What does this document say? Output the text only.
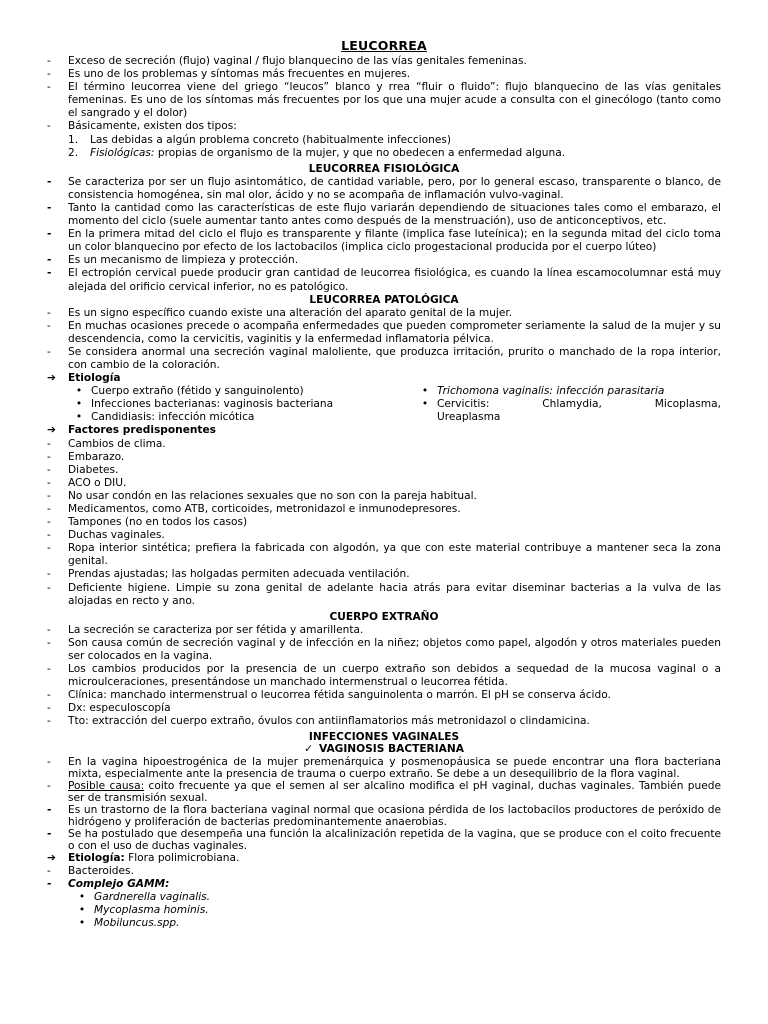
LEUCORREA
-	Exceso de secreción (flujo) vaginal / flujo blanquecino de las vías genitales femeninas.
-	Es uno de los problemas y síntomas más frecuentes en mujeres.
-	El término leucorrea viene del griego “leucos” blanco y rrea “fluir o fluido”: flujo blanquecino de las vías genitales femeninas. Es uno de los síntomas más frecuentes por los que una mujer acude a consulta con el ginecólogo (tanto como el sangrado y el dolor)
-	Básicamente, existen dos tipos:
1.	Las debidas a algún problema concreto (habitualmente infecciones)
2.	Fisiológicas: propias de organismo de la mujer, y que no obedecen a enfermedad alguna.
LEUCORREA FISIOLÓGICA
-	Se caracteriza por ser un flujo asintomático, de cantidad variable, pero, por lo general escaso, transparente o blanco, de consistencia homogénea, sin mal olor, ácido y no se acompaña de inflamación vulvo-vaginal.
-	Tanto la cantidad como las características de este flujo variarán dependiendo de situaciones tales como el embarazo, el momento del ciclo (suele aumentar tanto antes como después de la menstruación), uso de anticonceptivos, etc.
-	En la primera mitad del ciclo el flujo es transparente y filante (implica fase luteínica); en la segunda mitad del ciclo toma un color blanquecino por efecto de los lactobacilos (implica ciclo progestacional producida por el cuerpo lúteo)
-	Es un mecanismo de limpieza y protección.
-	El ectropión cervical puede producir gran cantidad de leucorrea fisiológica, es cuando la línea escamocolumnar está muy alejada del orificio cervical inferior, no es patológico.
LEUCORREA PATOLÓGICA
-	Es un signo específico cuando existe una alteración del aparato genital de la mujer.
-	En muchas ocasiones precede o acompaña enfermedades que pueden comprometer seriamente la salud de la mujer y su descendencia, como la cervicitis, vaginitis y la enfermedad inflamatoria pélvica.
-	Se considera anormal una secreción vaginal maloliente, que produzca irritación, prurito o manchado de la ropa interior, con cambio de la coloración.
➔	Etiología
• Cuerpo extraño (fétido y sanguinolento)
• Infecciones bacterianas: vaginosis bacteriana
• Candidiasis: infección micótica
• Trichomona vaginalis: infección parasitaria
• Cervicitis: Chlamydia, Micoplasma, Ureaplasma
➔	Factores predisponentes
-	Cambios de clima.
-	Embarazo.
-	Diabetes.
-	ACO o DIU.
-	No usar condón en las relaciones sexuales que no son con la pareja habitual.
-	Medicamentos, como ATB, corticoides, metronidazol e inmunodepresores.
-	Tampones (no en todos los casos)
-	Duchas vaginales.
-	Ropa interior sintética; prefiera la fabricada con algodón, ya que con este material contribuye a mantener seca la zona genital.
-	Prendas ajustadas; las holgadas permiten adecuada ventilación.
-	Deficiente higiene. Limpie su zona genital de adelante hacia atrás para evitar diseminar bacterias a la vulva de las alojadas en recto y ano.
CUERPO EXTRAÑO
-	La secreción se caracteriza por ser fétida y amarillenta.
-	Son causa común de secreción vaginal y de infección en la niñez; objetos como papel, algodón y otros materiales pueden ser colocados en la vagina.
-	Los cambios producidos por la presencia de un cuerpo extraño son debidos a sequedad de la mucosa vaginal o a microulceraciones, presentándose un manchado intermenstrual o leucorrea fétida.
-	Clínica: manchado intermenstrual o leucorrea fétida sanguinolenta o marrón. El pH se conserva ácido.
-	Dx: especuloscopía
-	Tto: extracción del cuerpo extraño, óvulos con antiinflamatorios más metronidazol o clindamicina.
INFECCIONES VAGINALES
✓ VAGINOSIS BACTERIANA
-	En la vagina hipoestrogénica de la mujer premenárquica y posmenopáusica se puede encontrar una flora bacteriana mixta, especialmente ante la presencia de trauma o cuerpo extraño. Se debe a un desequilibrio de la flora vaginal.
-	Posible causa: coito frecuente ya que el semen al ser alcalino modifica el pH vaginal, duchas vaginales. También puede ser de transmisión sexual.
-	Es un trastorno de la flora bacteriana vaginal normal que ocasiona pérdida de los lactobacilos productores de peróxido de hidrógeno y proliferación de bacterias predominantemente anaerobias.
-	Se ha postulado que desempeña una función la alcalinización repetida de la vagina, que se produce con el coito frecuente o con el uso de duchas vaginales.
➔	Etiología: Flora polimicrobiana.
-	Bacteroides.
-	Complejo GAMM:
• Gardnerella vaginalis.
• Mycoplasma hominis.
• Mobiluncus.spp.
